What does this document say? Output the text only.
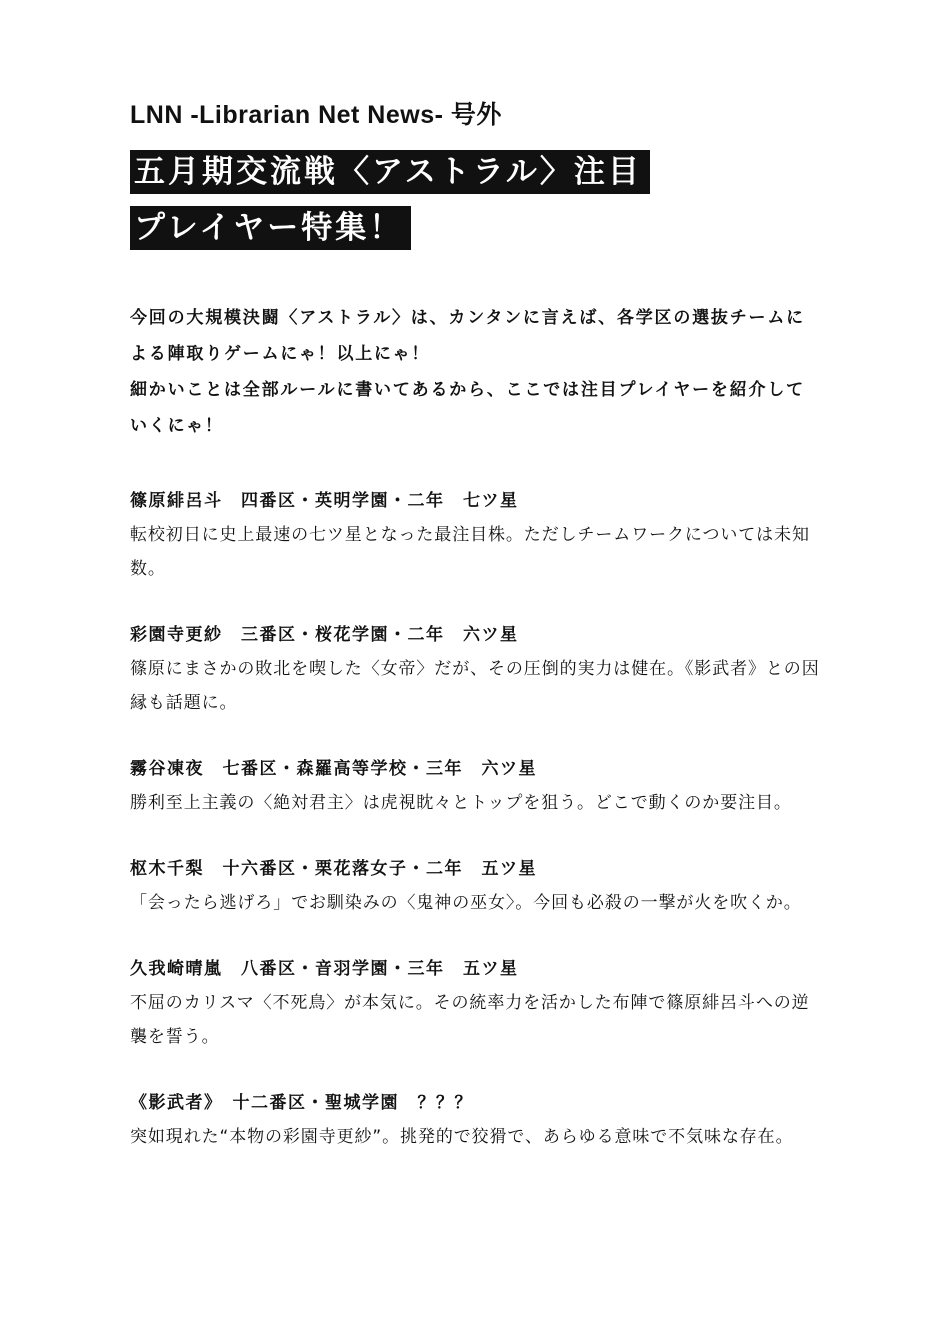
LNN -Librarian Net News- 号外
五月期交流戦〈アストラル〉注目
プレイヤー特集！

今回の大規模決闘〈アストラル〉は、カンタンに言えば、各学区の選抜チームによる陣取りゲームにゃ！以上にゃ！

細かいことは全部ルールに書いてあるから、ここでは注目プレイヤーを紹介していくにゃ！

篠原緋呂斗　四番区・英明学園・二年　七ツ星
転校初日に史上最速の七ツ星となった最注目株。ただしチームワークについては未知数。
彩園寺更紗　三番区・桜花学園・二年　六ツ星
篠原にまさかの敗北を喫した〈女帝〉だが、その圧倒的実力は健在。《影武者》との因縁も話題に。
霧谷凍夜　七番区・森羅高等学校・三年　六ツ星
勝利至上主義の〈絶対君主〉は虎視眈々とトップを狙う。どこで動くのか要注目。
枢木千梨　十六番区・栗花落女子・二年　五ツ星
「会ったら逃げろ」でお馴染みの〈鬼神の巫女〉。今回も必殺の一撃が火を吹くか。
久我崎晴嵐　八番区・音羽学園・三年　五ツ星
不屈のカリスマ〈不死鳥〉が本気に。その統率力を活かした布陣で篠原緋呂斗への逆襲を誓う。
《影武者》　十二番区・聖城学園　？？？
突如現れた“本物の彩園寺更紗”。挑発的で狡猾で、あらゆる意味で不気味な存在。
